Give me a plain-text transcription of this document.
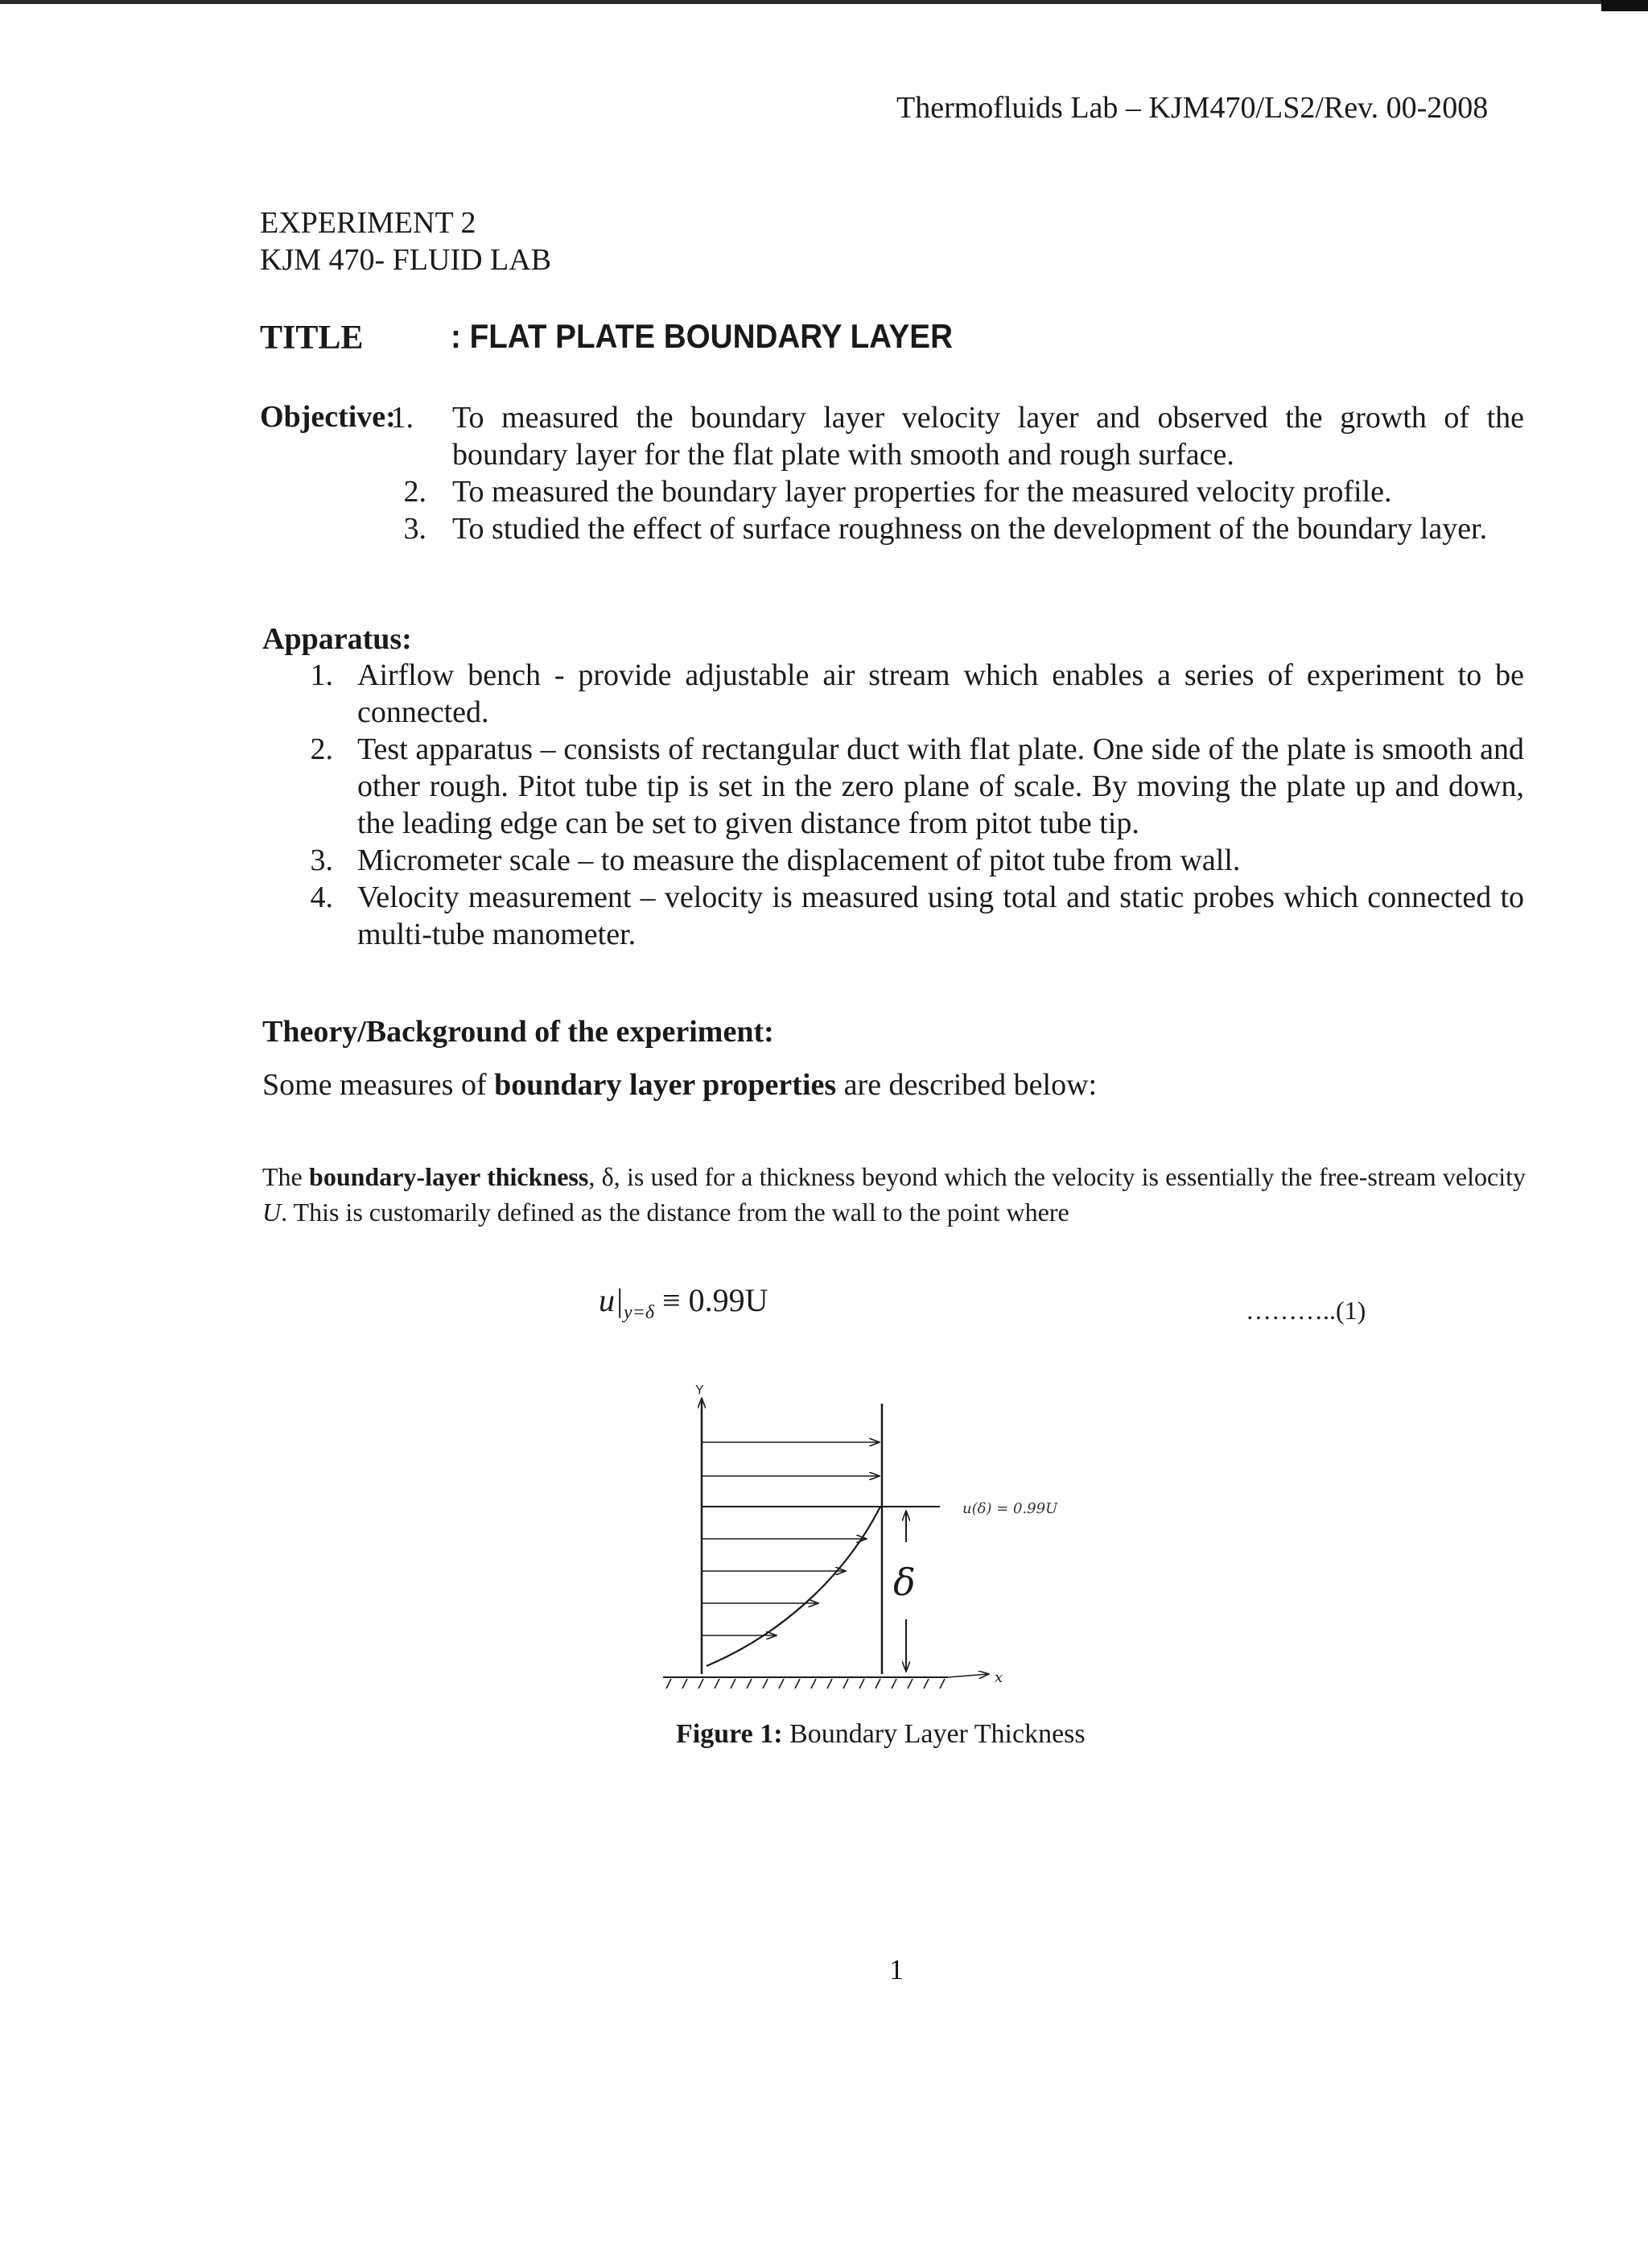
Thermofluids Lab – KJM470/LS2/Rev. 00-2008
EXPERIMENT 2
KJM 470- FLUID LAB
TITLE	: FLAT PLATE BOUNDARY LAYER
Objective:
1. To measured the boundary layer velocity layer and observed the growth of the boundary layer for the flat plate with smooth and rough surface.
2. To measured the boundary layer properties for the measured velocity profile.
3. To studied the effect of surface roughness on the development of the boundary layer.
Apparatus:
1. Airflow bench - provide adjustable air stream which enables a series of experiment to be connected.
2. Test apparatus – consists of rectangular duct with flat plate. One side of the plate is smooth and other rough. Pitot tube tip is set in the zero plane of scale. By moving the plate up and down, the leading edge can be set to given distance from pitot tube tip.
3. Micrometer scale – to measure the displacement of pitot tube from wall.
4. Velocity measurement – velocity is measured using total and static probes which connected to multi-tube manometer.
Theory/Background of the experiment:
Some measures of boundary layer properties are described below:
The boundary-layer thickness, δ, is used for a thickness beyond which the velocity is essentially the free-stream velocity U. This is customarily defined as the distance from the wall to the point where
$u|_{y=\delta} \equiv 0.99U$	………..(1)
Y
δ
u(δ) = 0.99U
x
Figure 1: Boundary Layer Thickness
1
